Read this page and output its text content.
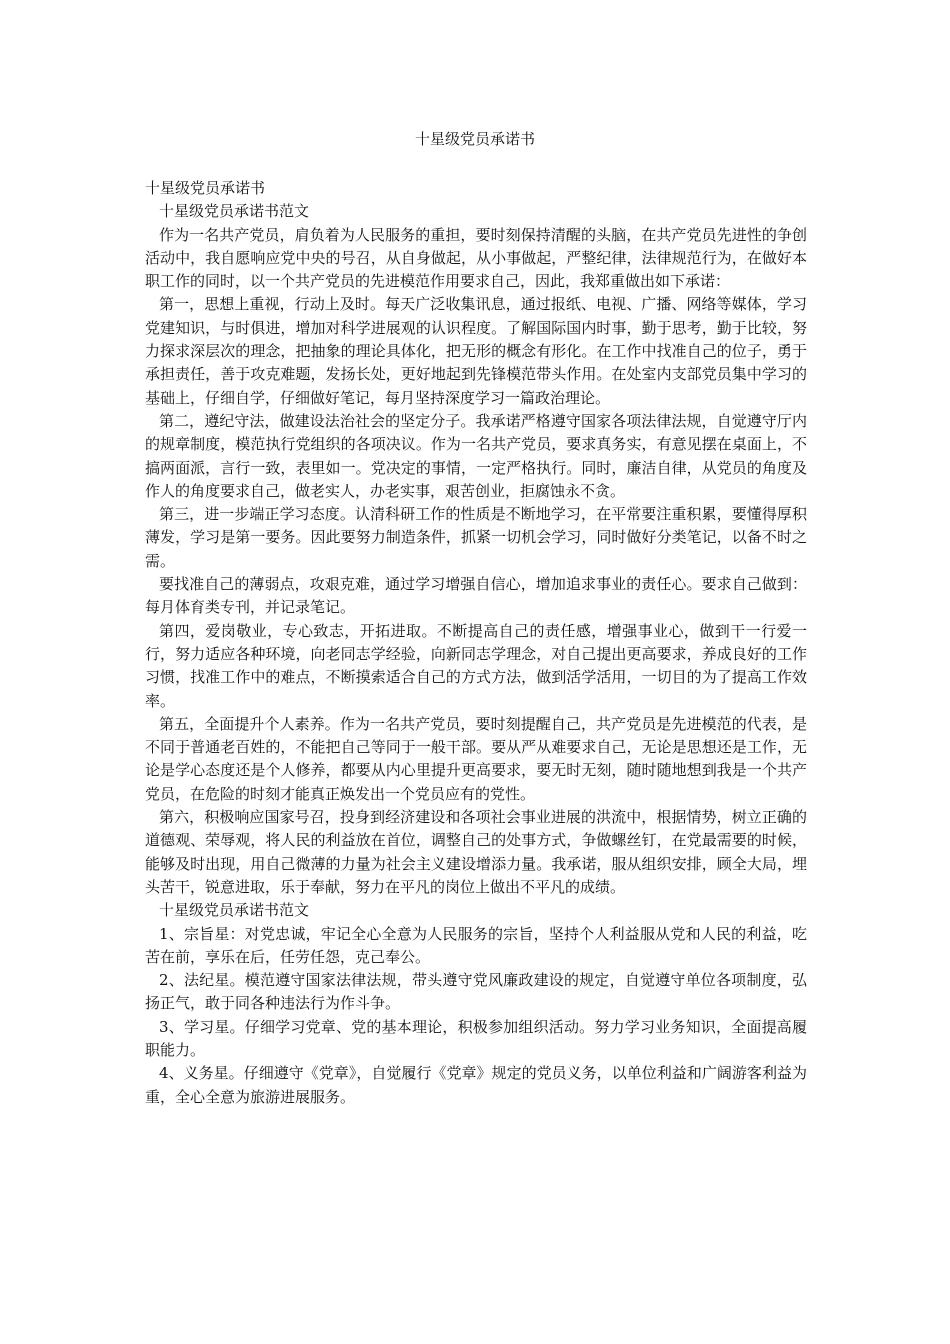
十星级党员承诺书

十星级党员承诺书

十星级党员承诺书范文

作为一名共产党员，肩负着为人民服务的重担，要时刻保持清醒的头脑，在共产党员先进性的争创活动中，我自愿响应党中央的号召，从自身做起，从小事做起，严整纪律，法律规范行为，在做好本职工作的同时，以一个共产党员的先进模范作用要求自己，因此，我郑重做出如下承诺：

第一，思想上重视，行动上及时。每天广泛收集讯息，通过报纸、电视、广播、网络等媒体，学习党建知识，与时俱进，增加对科学进展观的认识程度。了解国际国内时事，勤于思考，勤于比较，努力探求深层次的理念，把抽象的理论具体化，把无形的概念有形化。在工作中找准自己的位子，勇于承担责任，善于攻克难题，发扬长处，更好地起到先锋模范带头作用。在处室内支部党员集中学习的基础上，仔细自学，仔细做好笔记，每月坚持深度学习一篇政治理论。

第二，遵纪守法，做建设法治社会的坚定分子。我承诺严格遵守国家各项法律法规，自觉遵守厅内的规章制度，模范执行党组织的各项决议。作为一名共产党员，要求真务实，有意见摆在桌面上，不搞两面派，言行一致，表里如一。党决定的事情，一定严格执行。同时，廉洁自律，从党员的角度及作人的角度要求自己，做老实人，办老实事，艰苦创业，拒腐蚀永不贪。

第三，进一步端正学习态度。认清科研工作的性质是不断地学习，在平常要注重积累，要懂得厚积薄发，学习是第一要务。因此要努力制造条件，抓紧一切机会学习，同时做好分类笔记，以备不时之需。

要找准自己的薄弱点，攻艰克难，通过学习增强自信心，增加追求事业的责任心。要求自己做到：每月体育类专刊，并记录笔记。

第四，爱岗敬业，专心致志，开拓进取。不断提高自己的责任感，增强事业心，做到干一行爱一行，努力适应各种环境，向老同志学经验，向新同志学理念，对自己提出更高要求，养成良好的工作习惯，找准工作中的难点，不断摸索适合自己的方式方法，做到活学活用，一切目的为了提高工作效率。

第五，全面提升个人素养。作为一名共产党员，要时刻提醒自己，共产党员是先进模范的代表，是不同于普通老百姓的，不能把自己等同于一般干部。要从严从难要求自己，无论是思想还是工作，无论是学心态度还是个人修养，都要从内心里提升更高要求，要无时无刻，随时随地想到我是一个共产党员，在危险的时刻才能真正焕发出一个党员应有的党性。

第六，积极响应国家号召，投身到经济建设和各项社会事业进展的洪流中，根据情势，树立正确的道德观、荣辱观，将人民的利益放在首位，调整自己的处事方式，争做螺丝钉，在党最需要的时候，能够及时出现，用自己微薄的力量为社会主义建设增添力量。我承诺，服从组织安排，顾全大局，埋头苦干，锐意进取，乐于奉献，努力在平凡的岗位上做出不平凡的成绩。

十星级党员承诺书范文

1、宗旨星：对党忠诚，牢记全心全意为人民服务的宗旨，坚持个人利益服从党和人民的利益，吃苦在前，享乐在后，任劳任怨，克己奉公。

2、法纪星。模范遵守国家法律法规，带头遵守党风廉政建设的规定，自觉遵守单位各项制度，弘扬正气，敢于同各种违法行为作斗争。

3、学习星。仔细学习党章、党的基本理论，积极参加组织活动。努力学习业务知识，全面提高履职能力。

4、义务星。仔细遵守《党章》，自觉履行《党章》规定的党员义务，以单位利益和广阔游客利益为重，全心全意为旅游进展服务。
